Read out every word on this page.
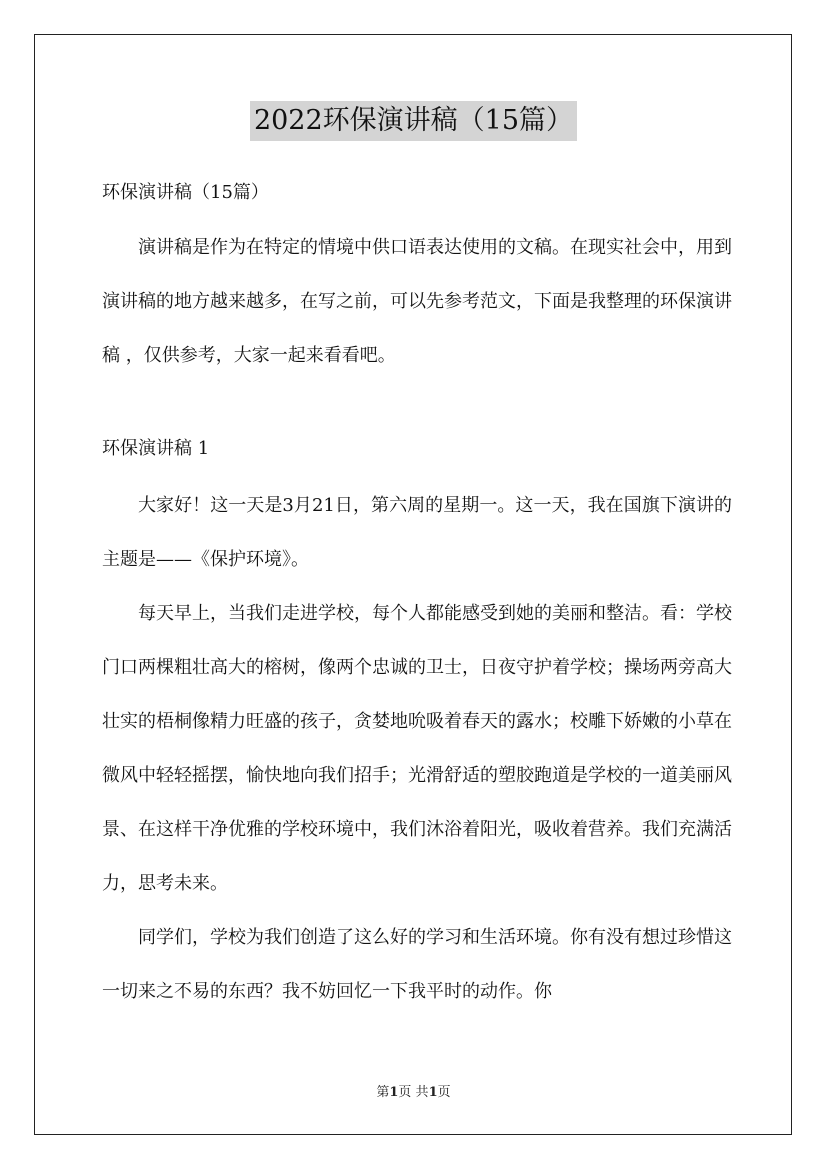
2022环保演讲稿（15篇）

环保演讲稿（15篇）

演讲稿是作为在特定的情境中供口语表达使用的文稿。在现实社会中，用到演讲稿的地方越来越多，在写之前，可以先参考范文，下面是我整理的环保演讲稿 ，仅供参考，大家一起来看看吧。

环保演讲稿 1

大家好！这一天是3月21日，第六周的星期一。这一天，我在国旗下演讲的主题是——《保护环境》。

每天早上，当我们走进学校，每个人都能感受到她的美丽和整洁。看：学校门口两棵粗壮高大的榕树，像两个忠诚的卫士，日夜守护着学校；操场两旁高大壮实的梧桐像精力旺盛的孩子，贪婪地吮吸着春天的露水；校雕下娇嫩的小草在微风中轻轻摇摆，愉快地向我们招手；光滑舒适的塑胶跑道是学校的一道美丽风景、在这样干净优雅的学校环境中，我们沐浴着阳光，吸收着营养。我们充满活力，思考未来。

同学们，学校为我们创造了这么好的学习和生活环境。你有没有想过珍惜这一切来之不易的东西？我不妨回忆一下我平时的动作。你

第1页 共1页
